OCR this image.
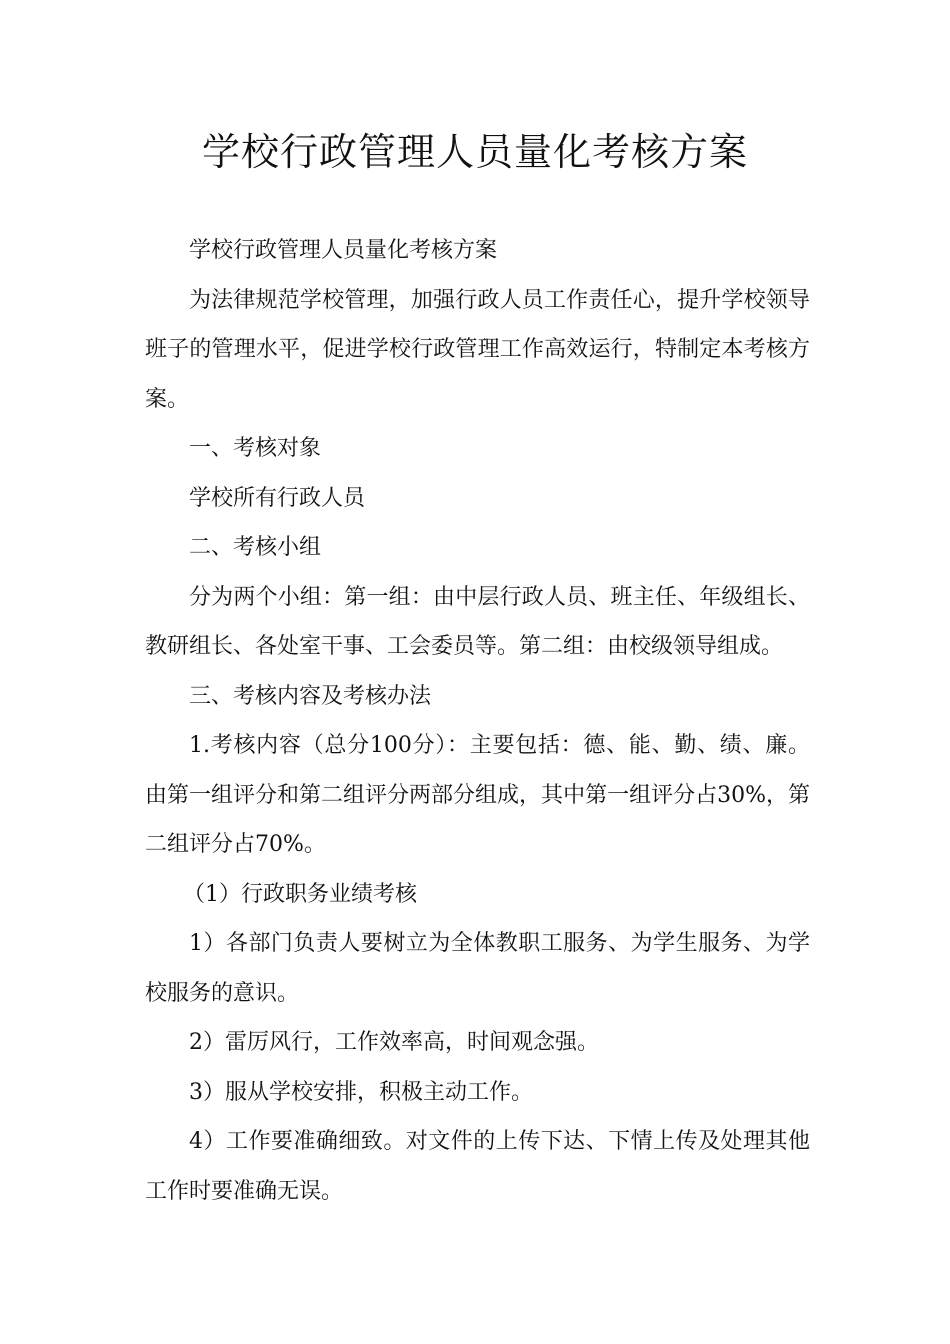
学校行政管理人员量化考核方案

学校行政管理人员量化考核方案

为法律规范学校管理，加强行政人员工作责任心，提升学校领导班子的管理水平，促进学校行政管理工作高效运行，特制定本考核方案。

一、考核对象

学校所有行政人员

二、考核小组

分为两个小组：第一组：由中层行政人员、班主任、年级组长、教研组长、各处室干事、工会委员等。第二组：由校级领导组成。

三、考核内容及考核办法

1.考核内容（总分100分）：主要包括：德、能、勤、绩、廉。由第一组评分和第二组评分两部分组成，其中第一组评分占30%，第二组评分占70%。

（1）行政职务业绩考核

1）各部门负责人要树立为全体教职工服务、为学生服务、为学校服务的意识。

2）雷厉风行，工作效率高，时间观念强。

3）服从学校安排，积极主动工作。

4）工作要准确细致。对文件的上传下达、下情上传及处理其他工作时要准确无误。
